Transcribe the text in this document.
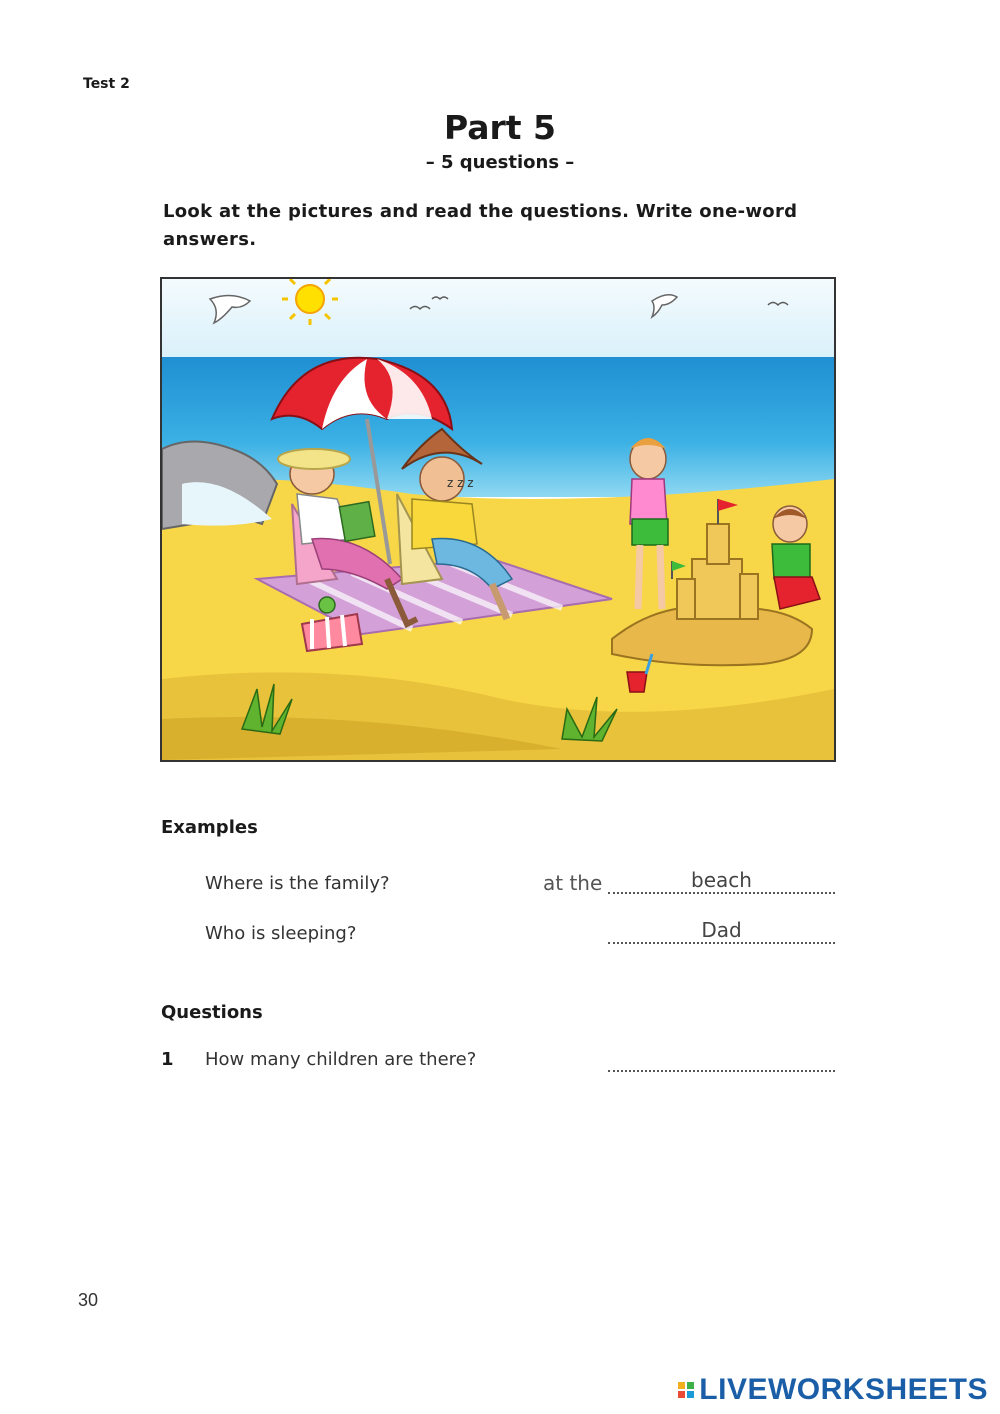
Test 2
Part 5
– 5 questions –
Look at the pictures and read the questions. Write one-word answers.
z z z
Examples
Where is the family?	at the	beach
Who is sleeping?	Dad
Questions
1 How many children are there?
30
LIVEWORKSHEETS
